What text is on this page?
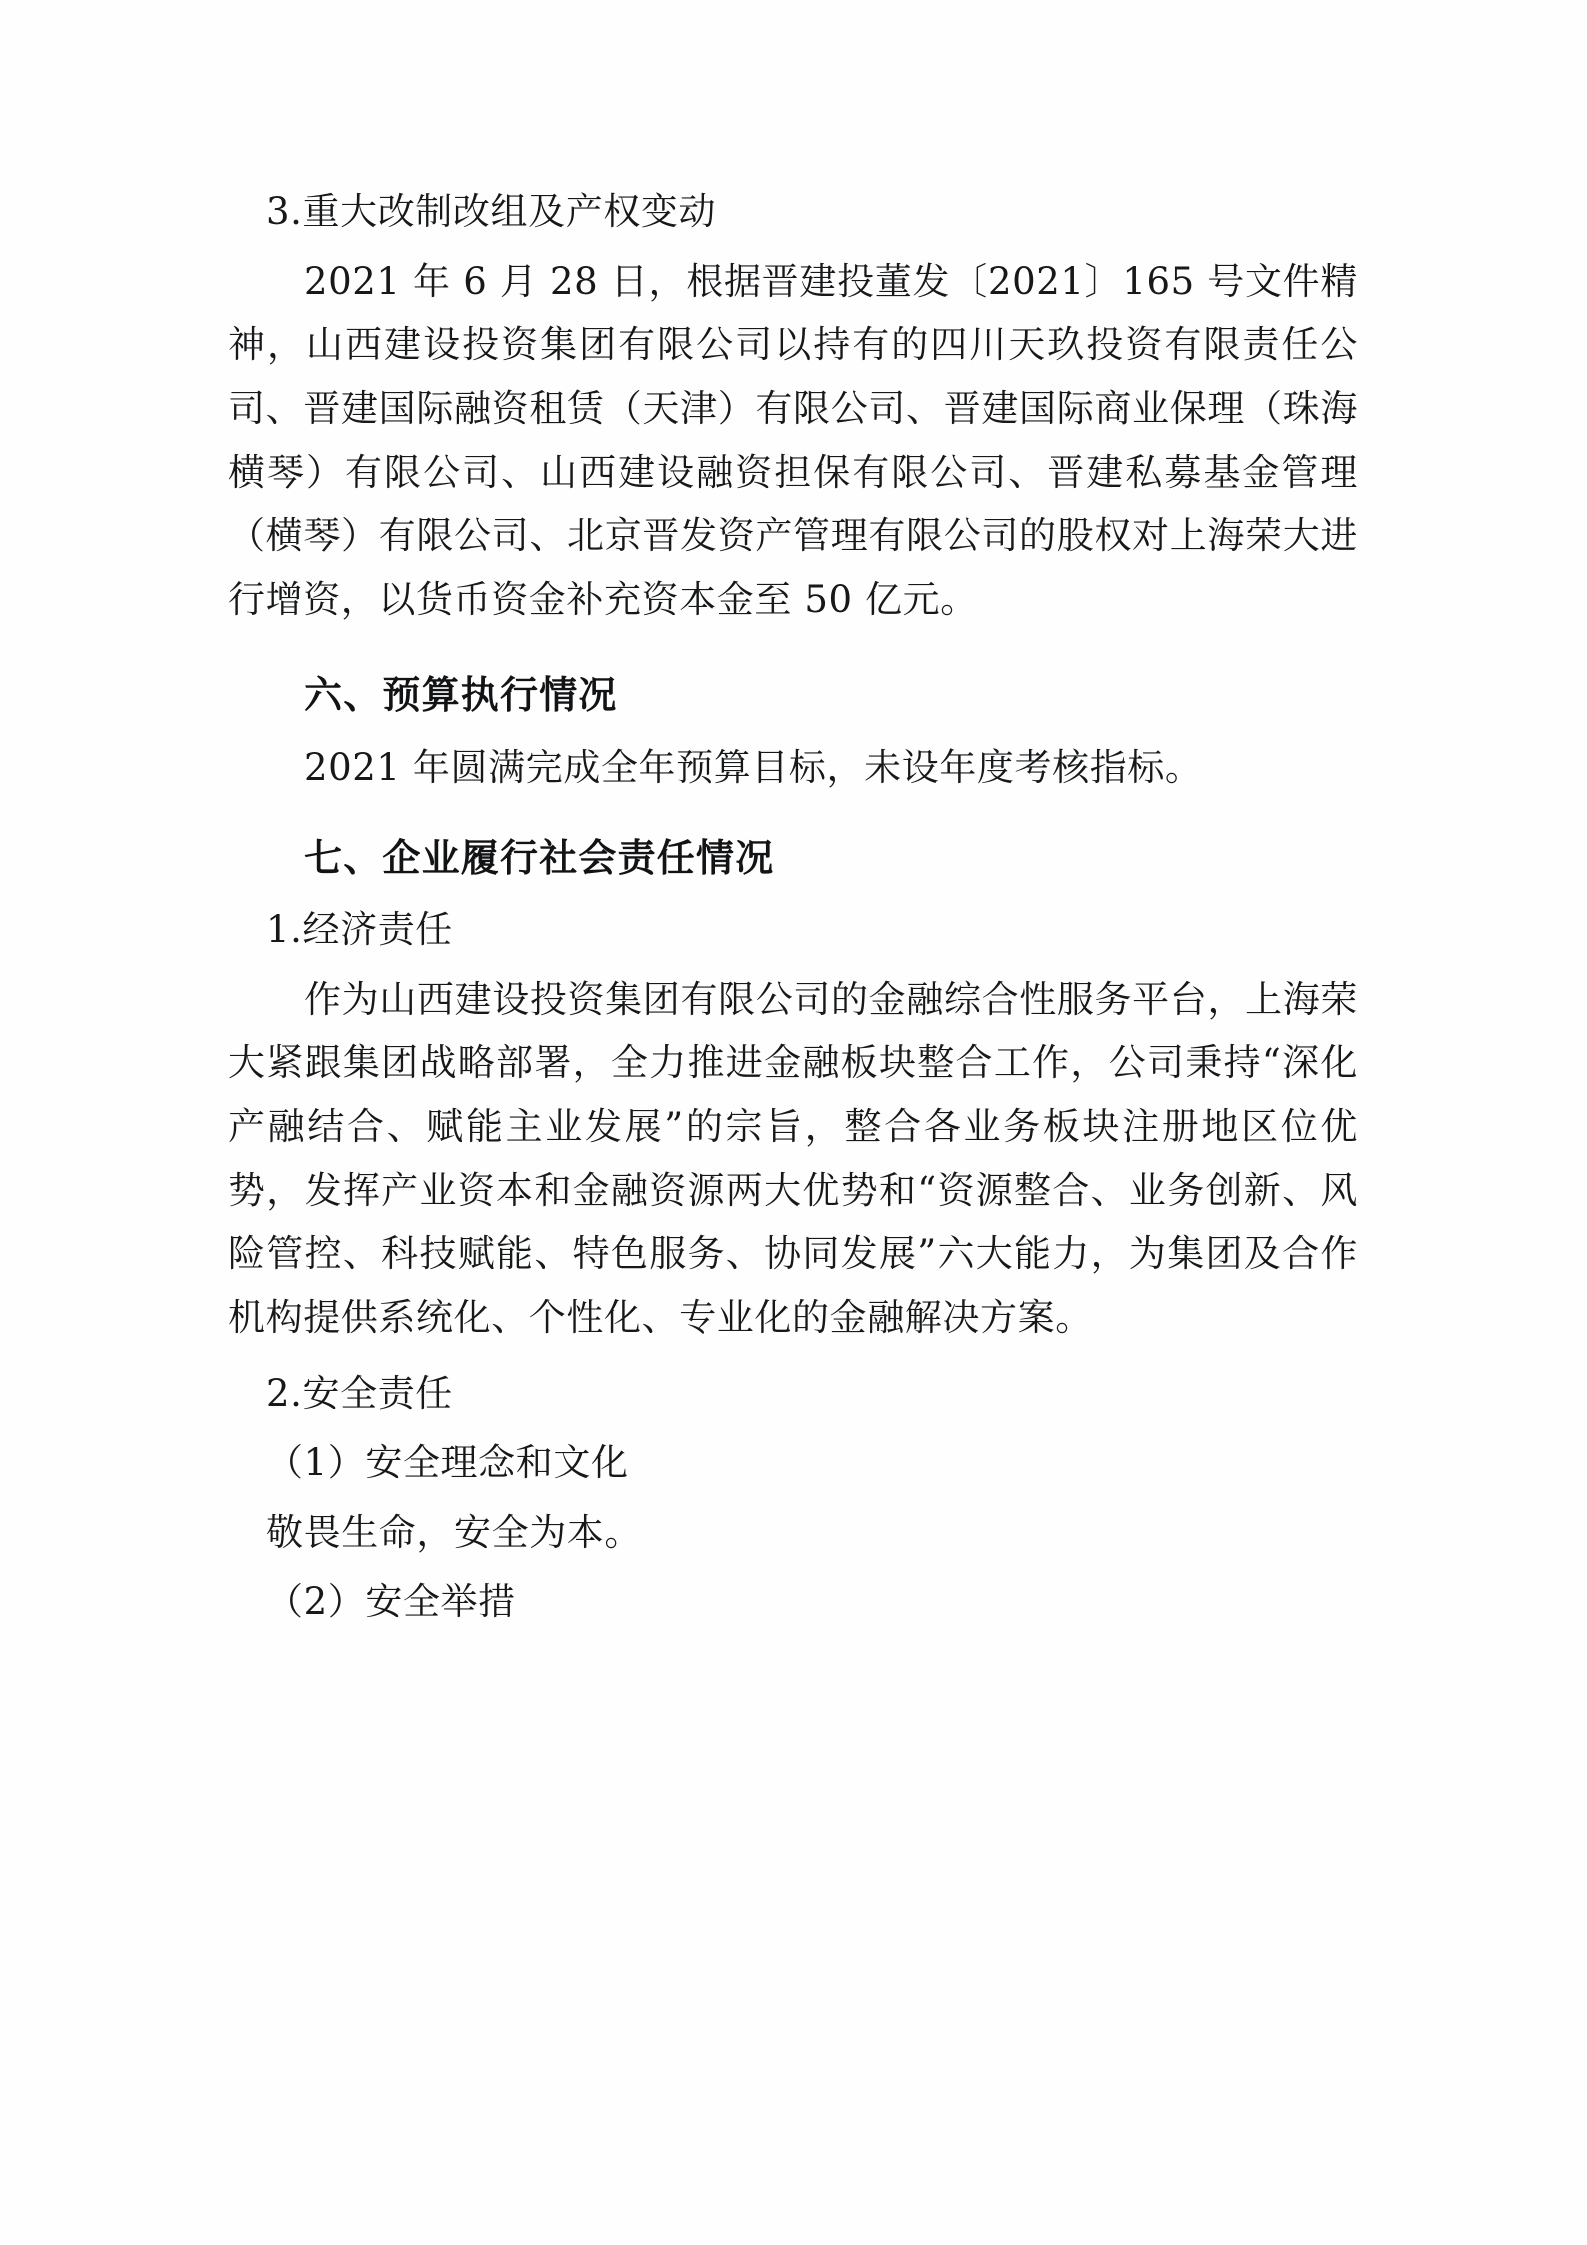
3.重大改制改组及产权变动

2021 年 6 月 28 日，根据晋建投董发〔2021〕165 号文件精神，山西建设投资集团有限公司以持有的四川天玖投资有限责任公司、晋建国际融资租赁（天津）有限公司、晋建国际商业保理（珠海横琴）有限公司、山西建设融资担保有限公司、晋建私募基金管理（横琴）有限公司、北京晋发资产管理有限公司的股权对上海荣大进行增资，以货币资金补充资本金至 50 亿元。

六、预算执行情况

2021 年圆满完成全年预算目标，未设年度考核指标。

七、企业履行社会责任情况

1.经济责任

作为山西建设投资集团有限公司的金融综合性服务平台，上海荣大紧跟集团战略部署，全力推进金融板块整合工作，公司秉持“深化产融结合、赋能主业发展”的宗旨，整合各业务板块注册地区位优势，发挥产业资本和金融资源两大优势和“资源整合、业务创新、风险管控、科技赋能、特色服务、协同发展”六大能力，为集团及合作机构提供系统化、个性化、专业化的金融解决方案。

2.安全责任

（1）安全理念和文化

敬畏生命，安全为本。

（2）安全举措
